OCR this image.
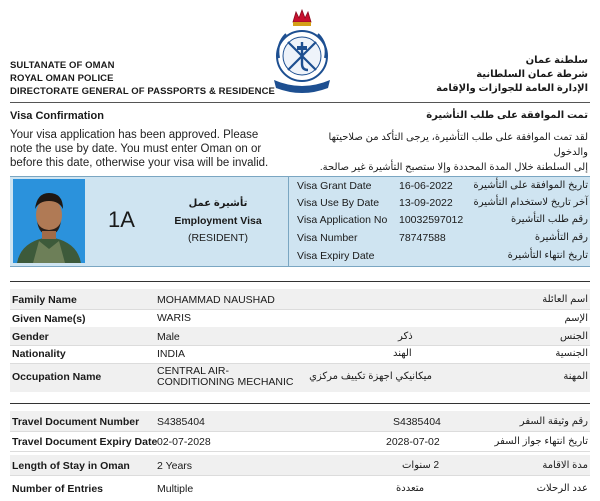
SULTANATE OF OMAN
ROYAL OMAN POLICE
DIRECTORATE GENERAL OF PASSPORTS & RESIDENCE
سلطنة عمان
شرطة عمان السلطانية
الإدارة العامة للجوازات والإقامة
Visa Confirmation	تمت الموافقة على طلب التأشيرة
Your visa application has been approved. Please
note the use by date. You must enter Oman on or
before this date, otherwise your visa will be invalid.
لقد تمت الموافقة على طلب التأشيرة، يرجى التأكد من صلاحيتها والدخول
إلى السلطنة خلال المدة المحددة وإلا ستصبح التأشيرة غير صالحة.
1A
تأشيرة عمل
Employment Visa
(RESIDENT)
Visa Grant Date	16-06-2022 تاريخ الموافقة على التأشيرة
Visa Use By Date 13-09-2022 آخر تاريخ لاستخدام التأشيرة
Visa Application No 10032597012	رقم طلب التأشيرة
Visa Number	78747588	رقم التأشيرة
Visa Expiry Date	تاريخ انتهاء التأشيرة
Family Name	MOHAMMAD NAUSHAD	اسم العائلة
Given Name(s)	WARIS	الإسم
Gender	Male	ذكر	الجنس
Nationality	INDIA	الهند	الجنسية
Occupation Name	CENTRAL AIR-
CONDITIONING MECHANIC	ميكانيكي اجهزة تكييف مركزي	المهنة
Travel Document Number S4385404	S4385404	رقم وثيقة السفر
Travel Document Expiry Date 02-07-2028	2028-07-02	تاريخ انتهاء جواز السفر
Length of Stay in Oman	2 Years	2 سنوات	مدة الاقامة
Number of Entries	Multiple	متعددة	عدد الرحلات
